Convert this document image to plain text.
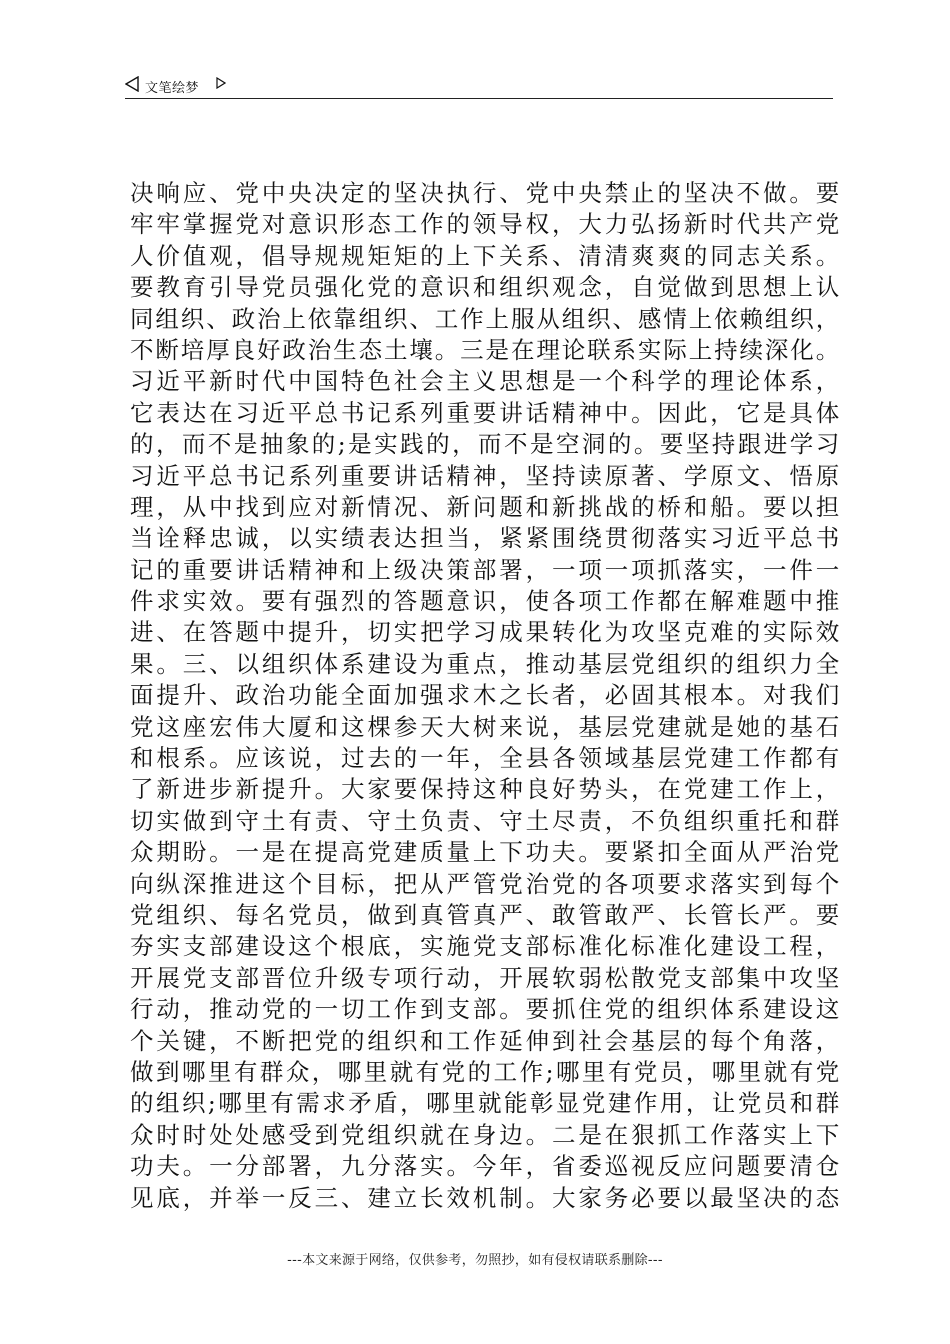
文笔绘梦
决响应、党中央决定的坚决执行、党中央禁止的坚决不做。要
牢牢掌握党对意识形态工作的领导权，大力弘扬新时代共产党
人价值观，倡导规规矩矩的上下关系、清清爽爽的同志关系。
要教育引导党员强化党的意识和组织观念，自觉做到思想上认
同组织、政治上依靠组织、工作上服从组织、感情上依赖组织，
不断培厚良好政治生态土壤。三是在理论联系实际上持续深化。
习近平新时代中国特色社会主义思想是一个科学的理论体系，
它表达在习近平总书记系列重要讲话精神中。因此，它是具体
的，而不是抽象的;是实践的，而不是空洞的。要坚持跟进学习
习近平总书记系列重要讲话精神，坚持读原著、学原文、悟原
理，从中找到应对新情况、新问题和新挑战的桥和船。要以担
当诠释忠诚，以实绩表达担当，紧紧围绕贯彻落实习近平总书
记的重要讲话精神和上级决策部署，一项一项抓落实，一件一
件求实效。要有强烈的答题意识，使各项工作都在解难题中推
进、在答题中提升，切实把学习成果转化为攻坚克难的实际效
果。三、以组织体系建设为重点，推动基层党组织的组织力全
面提升、政治功能全面加强求木之长者，必固其根本。对我们
党这座宏伟大厦和这棵参天大树来说，基层党建就是她的基石
和根系。应该说，过去的一年，全县各领域基层党建工作都有
了新进步新提升。大家要保持这种良好势头，在党建工作上，
切实做到守土有责、守土负责、守土尽责，不负组织重托和群
众期盼。一是在提高党建质量上下功夫。要紧扣全面从严治党
向纵深推进这个目标，把从严管党治党的各项要求落实到每个
党组织、每名党员，做到真管真严、敢管敢严、长管长严。要
夯实支部建设这个根底，实施党支部标准化标准化建设工程，
开展党支部晋位升级专项行动，开展软弱松散党支部集中攻坚
行动，推动党的一切工作到支部。要抓住党的组织体系建设这
个关键，不断把党的组织和工作延伸到社会基层的每个角落，
做到哪里有群众，哪里就有党的工作;哪里有党员，哪里就有党
的组织;哪里有需求矛盾，哪里就能彰显党建作用，让党员和群
众时时处处感受到党组织就在身边。二是在狠抓工作落实上下
功夫。一分部署，九分落实。今年，省委巡视反应问题要清仓
见底，并举一反三、建立长效机制。大家务必要以最坚决的态
---本文来源于网络，仅供参考，勿照抄，如有侵权请联系删除---
